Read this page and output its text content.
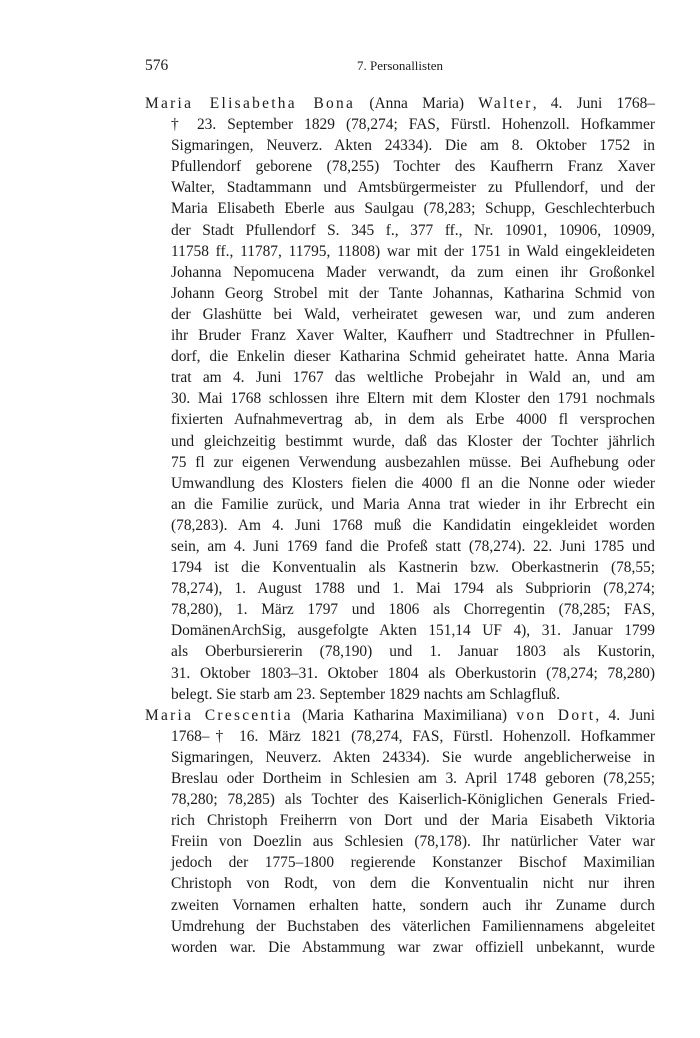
576	7. Personallisten
Maria Elisabetha Bona (Anna Maria) Walter, 4. Juni 1768–
† 23. September 1829 (78,274; FAS, Fürstl. Hohenzoll. Hofkammer
Sigmaringen, Neuverz. Akten 24334). Die am 8. Oktober 1752 in
Pfullendorf geborene (78,255) Tochter des Kaufherrn Franz Xaver
Walter, Stadtammann und Amtsbürgermeister zu Pfullendorf, und der
Maria Elisabeth Eberle aus Saulgau (78,283; Schupp, Geschlechterbuch
der Stadt Pfullendorf S. 345 f., 377 ff., Nr. 10901, 10906, 10909,
11758 ff., 11787, 11795, 11808) war mit der 1751 in Wald eingekleideten
Johanna Nepomucena Mader verwandt, da zum einen ihr Großonkel
Johann Georg Strobel mit der Tante Johannas, Katharina Schmid von
der Glashütte bei Wald, verheiratet gewesen war, und zum anderen
ihr Bruder Franz Xaver Walter, Kaufherr und Stadtrechner in Pfullen-
dorf, die Enkelin dieser Katharina Schmid geheiratet hatte. Anna Maria
trat am 4. Juni 1767 das weltliche Probejahr in Wald an, und am
30. Mai 1768 schlossen ihre Eltern mit dem Kloster den 1791 nochmals
fixierten Aufnahmevertrag ab, in dem als Erbe 4000 fl versprochen
und gleichzeitig bestimmt wurde, daß das Kloster der Tochter jährlich
75 fl zur eigenen Verwendung ausbezahlen müsse. Bei Aufhebung oder
Umwandlung des Klosters fielen die 4000 fl an die Nonne oder wieder
an die Familie zurück, und Maria Anna trat wieder in ihr Erbrecht ein
(78,283). Am 4. Juni 1768 muß die Kandidatin eingekleidet worden
sein, am 4. Juni 1769 fand die Profeß statt (78,274). 22. Juni 1785 und
1794 ist die Konventualin als Kastnerin bzw. Oberkastnerin (78,55;
78,274), 1. August 1788 und 1. Mai 1794 als Subpriorin (78,274;
78,280), 1. März 1797 und 1806 als Chorregentin (78,285; FAS,
DomänenArchSig, ausgefolgte Akten 151,14 UF 4), 31. Januar 1799
als Oberbursiererin (78,190) und 1. Januar 1803 als Kustorin,
31. Oktober 1803–31. Oktober 1804 als Oberkustorin (78,274; 78,280)
belegt. Sie starb am 23. September 1829 nachts am Schlagfluß.
Maria Crescentia (Maria Katharina Maximiliana) von Dort, 4. Juni
1768–† 16. März 1821 (78,274, FAS, Fürstl. Hohenzoll. Hofkammer
Sigmaringen, Neuverz. Akten 24334). Sie wurde angeblicherweise in
Breslau oder Dortheim in Schlesien am 3. April 1748 geboren (78,255;
78,280; 78,285) als Tochter des Kaiserlich-Königlichen Generals Fried-
rich Christoph Freiherrn von Dort und der Maria Eisabeth Viktoria
Freiin von Doezlin aus Schlesien (78,178). Ihr natürlicher Vater war
jedoch der 1775–1800 regierende Konstanzer Bischof Maximilian
Christoph von Rodt, von dem die Konventualin nicht nur ihren
zweiten Vornamen erhalten hatte, sondern auch ihr Zuname durch
Umdrehung der Buchstaben des väterlichen Familiennamens abgeleitet
worden war. Die Abstammung war zwar offiziell unbekannt, wurde
